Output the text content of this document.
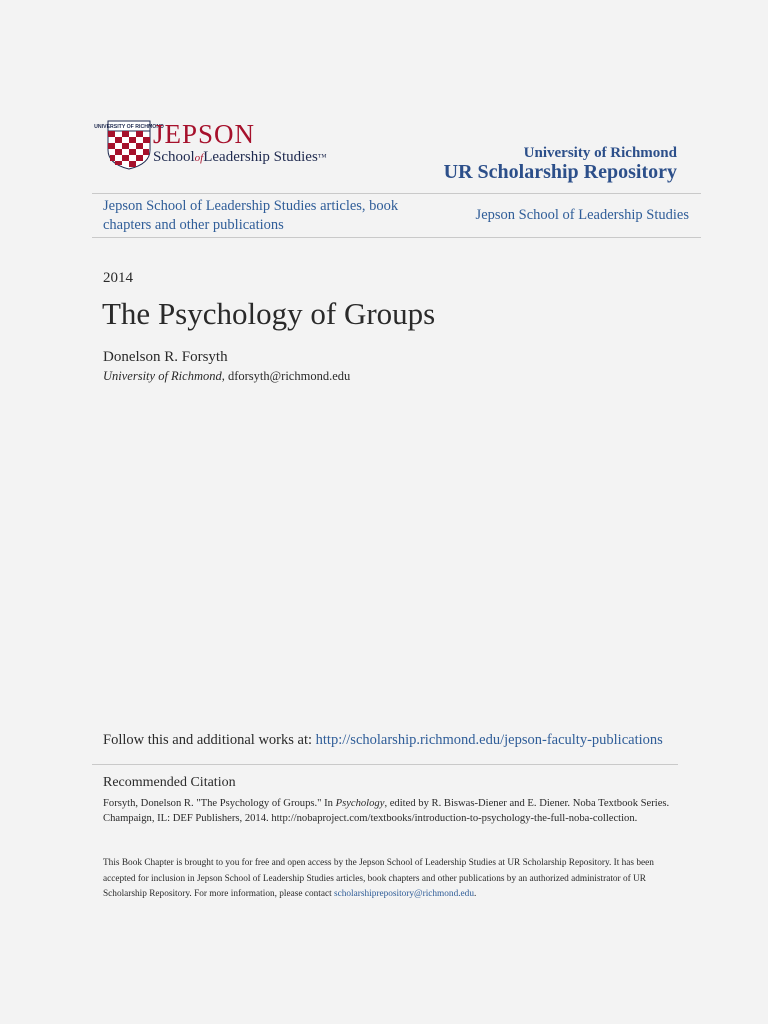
UNIVERSITY OF RICHMOND
JEPSON
SchoolofLeadership Studies™	University of Richmond
UR Scholarship Repository
Jepson School of Leadership Studies articles, book chapters and other publications
Jepson School of Leadership Studies
2014
The Psychology of Groups
Donelson R. Forsyth
University of Richmond, dforsyth@richmond.edu
Follow this and additional works at: http://scholarship.richmond.edu/jepson-faculty-publications
Recommended Citation
Forsyth, Donelson R. "The Psychology of Groups." In Psychology, edited by R. Biswas-Diener and E. Diener. Noba Textbook Series. Champaign, IL: DEF Publishers, 2014. http://nobaproject.com/textbooks/introduction-to-psychology-the-full-noba-collection.
This Book Chapter is brought to you for free and open access by the Jepson School of Leadership Studies at UR Scholarship Repository. It has been accepted for inclusion in Jepson School of Leadership Studies articles, book chapters and other publications by an authorized administrator of UR Scholarship Repository. For more information, please contact scholarshiprepository@richmond.edu.
